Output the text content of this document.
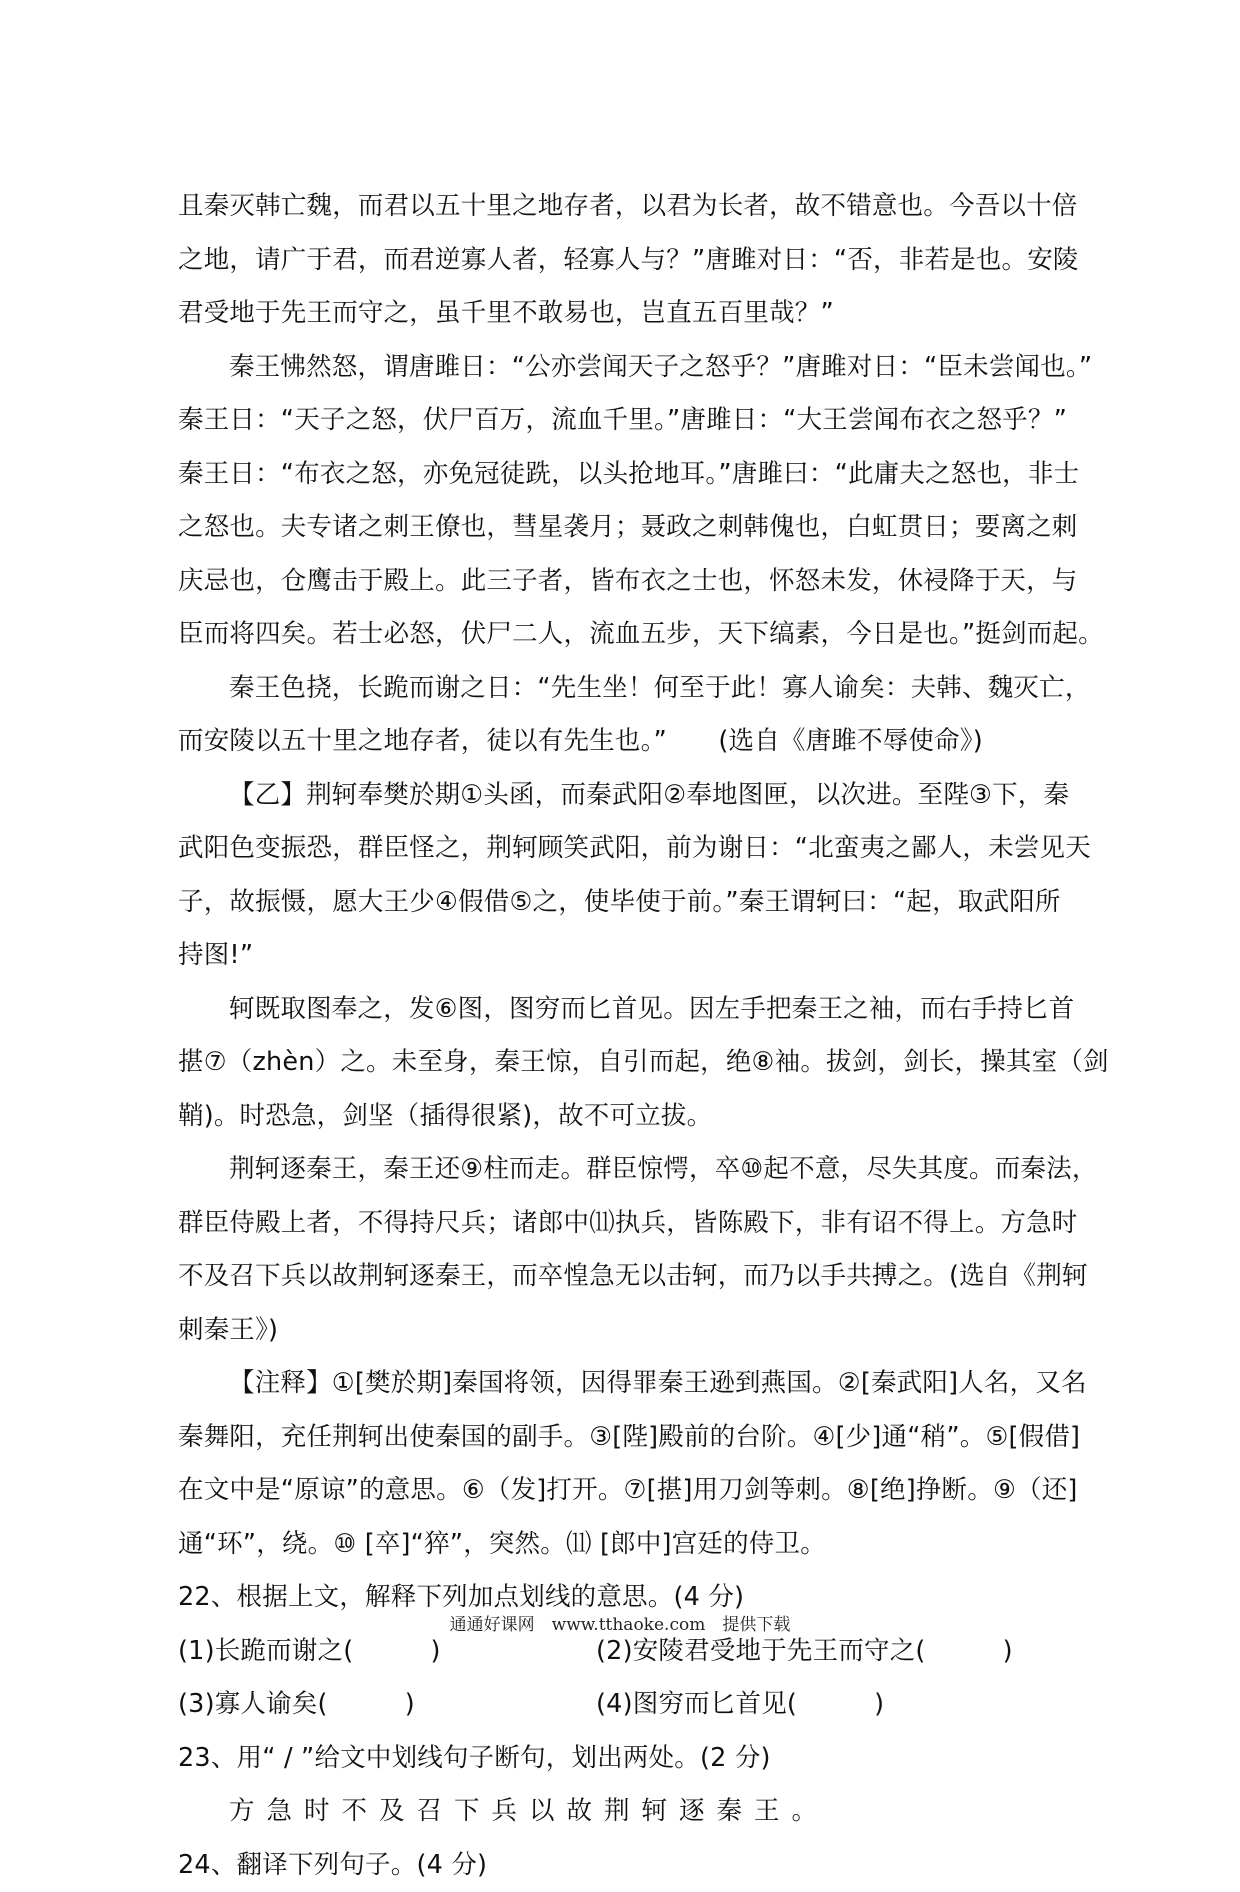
且秦灭韩亡魏，而君以五十里之地存者，以君为长者，故不错意也。今吾以十倍
之地，请广于君，而君逆寡人者，轻寡人与？”唐雎对日：“否，非若是也。安陵
君受地于先王而守之，虽千里不敢易也，岂直五百里哉？”
秦王怫然怒，谓唐雎日：“公亦尝闻天子之怒乎？”唐雎对日：“臣未尝闻也。”
秦王日：“天子之怒，伏尸百万，流血千里。”唐雎日：“大王尝闻布衣之怒乎？”
秦王日：“布衣之怒，亦免冠徒跣，以头抢地耳。”唐雎曰：“此庸夫之怒也，非士
之怒也。夫专诸之刺王僚也，彗星袭月；聂政之刺韩傀也，白虹贯日；要离之刺
庆忌也，仓鹰击于殿上。此三子者，皆布衣之士也，怀怒未发，休祲降于天，与
臣而将四矣。若士必怒，伏尸二人，流血五步，天下缟素，今日是也。”挺剑而起。
秦王色挠，长跪而谢之日：“先生坐！何至于此！寡人谕矣：夫韩、魏灭亡，
而安陵以五十里之地存者，徒以有先生也。”　　(选自《唐雎不辱使命》)
【乙】荆轲奉樊於期①头函，而秦武阳②奉地图匣，以次进。至陛③下，秦
武阳色变振恐，群臣怪之，荆轲顾笑武阳，前为谢日：“北蛮夷之鄙人，未尝见天
子，故振慑，愿大王少④假借⑤之，使毕使于前。”秦王谓轲曰：“起，取武阳所
持图!”
轲既取图奉之，发⑥图，图穷而匕首见。因左手把秦王之袖，而右手持匕首
揕⑦（zhèn）之。未至身，秦王惊，自引而起，绝⑧袖。拔剑，剑长，操其室（剑
鞘)。时恐急，剑坚（插得很紧)，故不可立拔。
荆轲逐秦王，秦王还⑨柱而走。群臣惊愕，卒⑩起不意，尽失其度。而秦法，
群臣侍殿上者，不得持尺兵；诸郎中⑾执兵，皆陈殿下，非有诏不得上。方急时
不及召下兵以故荆轲逐秦王，而卒惶急无以击轲，而乃以手共搏之。(选自《荆轲
刺秦王》)
【注释】①[樊於期]秦国将领，因得罪秦王逊到燕国。②[秦武阳]人名，又名
秦舞阳，充任荆轲出使秦国的副手。③[陛]殿前的台阶。④[少]通“稍”。⑤[假借]
在文中是“原谅”的意思。⑥（发]打开。⑦[揕]用刀剑等刺。⑧[绝]挣断。⑨（还]
通“环”，绕。⑩ [卒]“猝”，突然。⑾ [郎中]宫廷的侍卫。
22、根据上文，解释下列加点划线的意思。(4 分)
(1)长跪而谢之(　　　)	(2)安陵君受地于先王而守之(　　　)
(3)寡人谕矣(　　　)	(4)图穷而匕首见(　　　)
23、用“ / ”给文中划线句子断句，划出两处。(2 分)
方急时不及召下兵以故荆轲逐秦王。
24、翻译下列句子。(4 分)
通通好课网　www.tthaoke.com　提供下载
